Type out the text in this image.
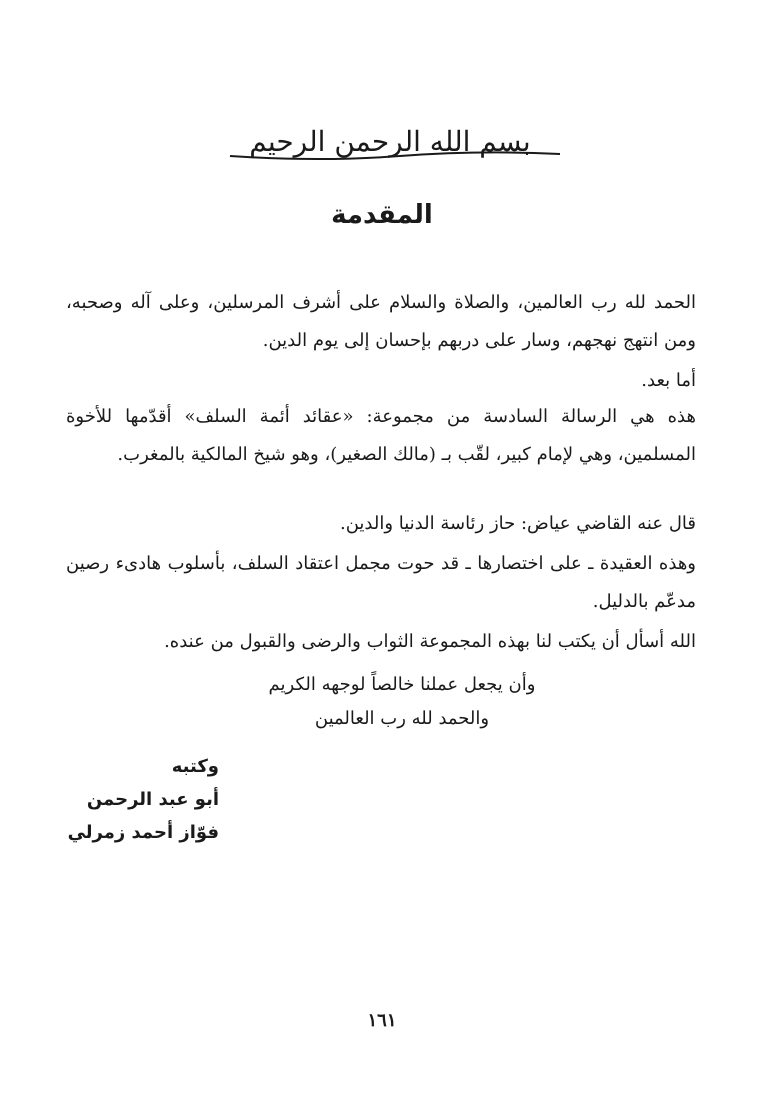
بسم الله الرحمن الرحيم
المقدمة
الحمد لله رب العالمين، والصلاة والسلام على أشرف المرسلين، وعلى آله وصحبه، ومن انتهج نهجهم، وسار على دربهم بإحسان إلى يوم الدين.
أما بعد.
هذه هي الرسالة السادسة من مجموعة: «عقائد أئمة السلف» أقدّمها للأخوة المسلمين، وهي لإمام كبير، لقّب بـ (مالك الصغير)، وهو شيخ المالكية بالمغرب.
قال عنه القاضي عياض: حاز رئاسة الدنيا والدين.
وهذه العقيدة ـ على اختصارها ـ قد حوت مجمل اعتقاد السلف، بأسلوب هادىء رصين مدعّم بالدليل.
الله أسأل أن يكتب لنا بهذه المجموعة الثواب والرضى والقبول من عنده.
وأن يجعل عملنا خالصاً لوجهه الكريم
والحمد لله رب العالمين
وكتبه
أبو عبد الرحمن
فوّاز أحمد زمرلي
١٦١
